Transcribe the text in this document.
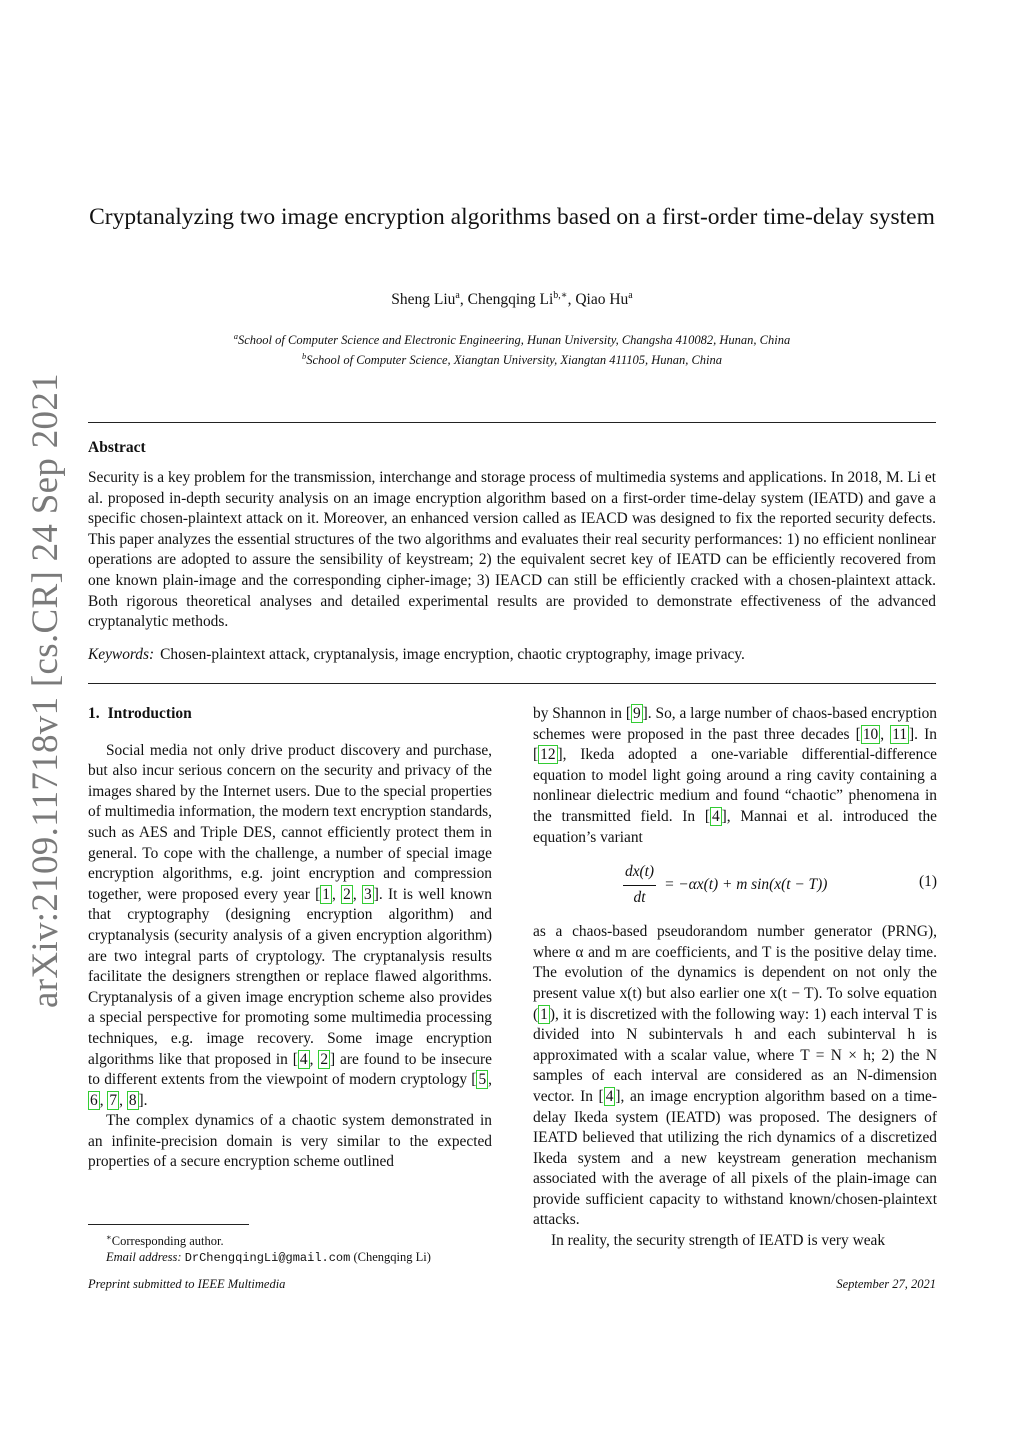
arXiv:2109.11718v1 [cs.CR] 24 Sep 2021
Cryptanalyzing two image encryption algorithms based on a first-order time-delay system
Sheng Liu$^a$, Chengqing $Li^{b,∗}$, Qiao Hu$^a$
$^a$School of Computer Science and Electronic Engineering, Hunan University, Changsha 410082, Hunan, China
$^b$School of Computer Science, Xiangtan University, Xiangtan 411105, Hunan, China
Abstract

Security is a key problem for the transmission, interchange and storage process of multimedia systems and applications. In 2018, M. Li et al. proposed in-depth security analysis on an image encryption algorithm based on a first-order time-delay system (IEATD) and gave a specific chosen-plaintext attack on it. Moreover, an enhanced version called as IEACD was designed to fix the reported security defects. This paper analyzes the essential structures of the two algorithms and evaluates their real security performances: 1) no efficient nonlinear operations are adopted to assure the sensibility of keystream; 2) the equivalent secret key of IEATD can be efficiently recovered from one known plain-image and the corresponding cipher-image; 3) IEACD can still be efficiently cracked with a chosen-plaintext attack. Both rigorous theoretical analyses and detailed experimental results are provided to demonstrate effectiveness of the advanced cryptanalytic methods.

Keywords: Chosen-plaintext attack, cryptanalysis, image encryption, chaotic cryptography, image privacy.
1. Introduction

Social media not only drive product discovery and purchase, but also incur serious concern on the security and privacy of the images shared by the Internet users. Due to the special properties of multimedia information, the modern text encryption standards, such as AES and Triple DES, cannot efficiently protect them in general. To cope with the challenge, a number of special image encryption algorithms, e.g. joint encryption and compression together, were proposed every year [ 1 , 2 , 3 ]. It is well known that cryptography (designing encryption algorithm) and cryptanalysis (security analysis of a given encryption algorithm) are two integral parts of cryptology. The cryptanalysis results facilitate the designers strengthen or replace flawed algorithms. Cryptanalysis of a given image encryption scheme also provides a special perspective for promoting some multimedia processing techniques, e.g. image recovery. Some image encryption algorithms like that proposed in [ 4 , 2 ] are found to be insecure to different extents from the viewpoint of modern cryptology [ 5 , 6 , 7 , 8 ].

The complex dynamics of a chaotic system demonstrated in an infinite-precision domain is very similar to the expected properties of a secure encryption scheme outlined

by Shannon in [ 9 ]. So, a large number of chaos-based encryption schemes were proposed in the past three decades [ 10 , 11 ]. In [ 12 ], Ikeda adopted a one-variable differential-difference equation to model light going around a ring cavity containing a nonlinear dielectric medium and found “chaotic” phenomena in the transmitted field. In [ 4 ], Mannai et al. introduced the equation’s variant

$\frac{dx(t)}{dt} = -\alpha x(t) + m$ sin(x(t − T))	(1)

as a chaos-based pseudorandom number generator (PRNG), where α and m are coefficients, and T is the positive delay time. The evolution of the dynamics is dependent on not only the present value x(t) but also earlier one x(t − T). To solve equation ( 1 ), it is discretized with the following way: 1) each interval T is divided into N subintervals h and each subinterval h is approximated with a scalar value, where T = N × h; 2) the N samples of each interval are considered as an N-dimension vector. In [ 4 ], an image encryption algorithm based on a time-delay Ikeda system (IEATD) was proposed. The designers of IEATD believed that utilizing the rich dynamics of a discretized Ikeda system and a new keystream generation mechanism associated with the average of all pixels of the plain-image can provide sufficient capacity to withstand known/chosen-plaintext attacks.

In reality, the security strength of IEATD is very weak

∗Corresponding author.
Email address: DrChengqingLi@gmail.com (Chengqing Li)
Preprint submitted to IEEE Multimedia	September 27, 2021
